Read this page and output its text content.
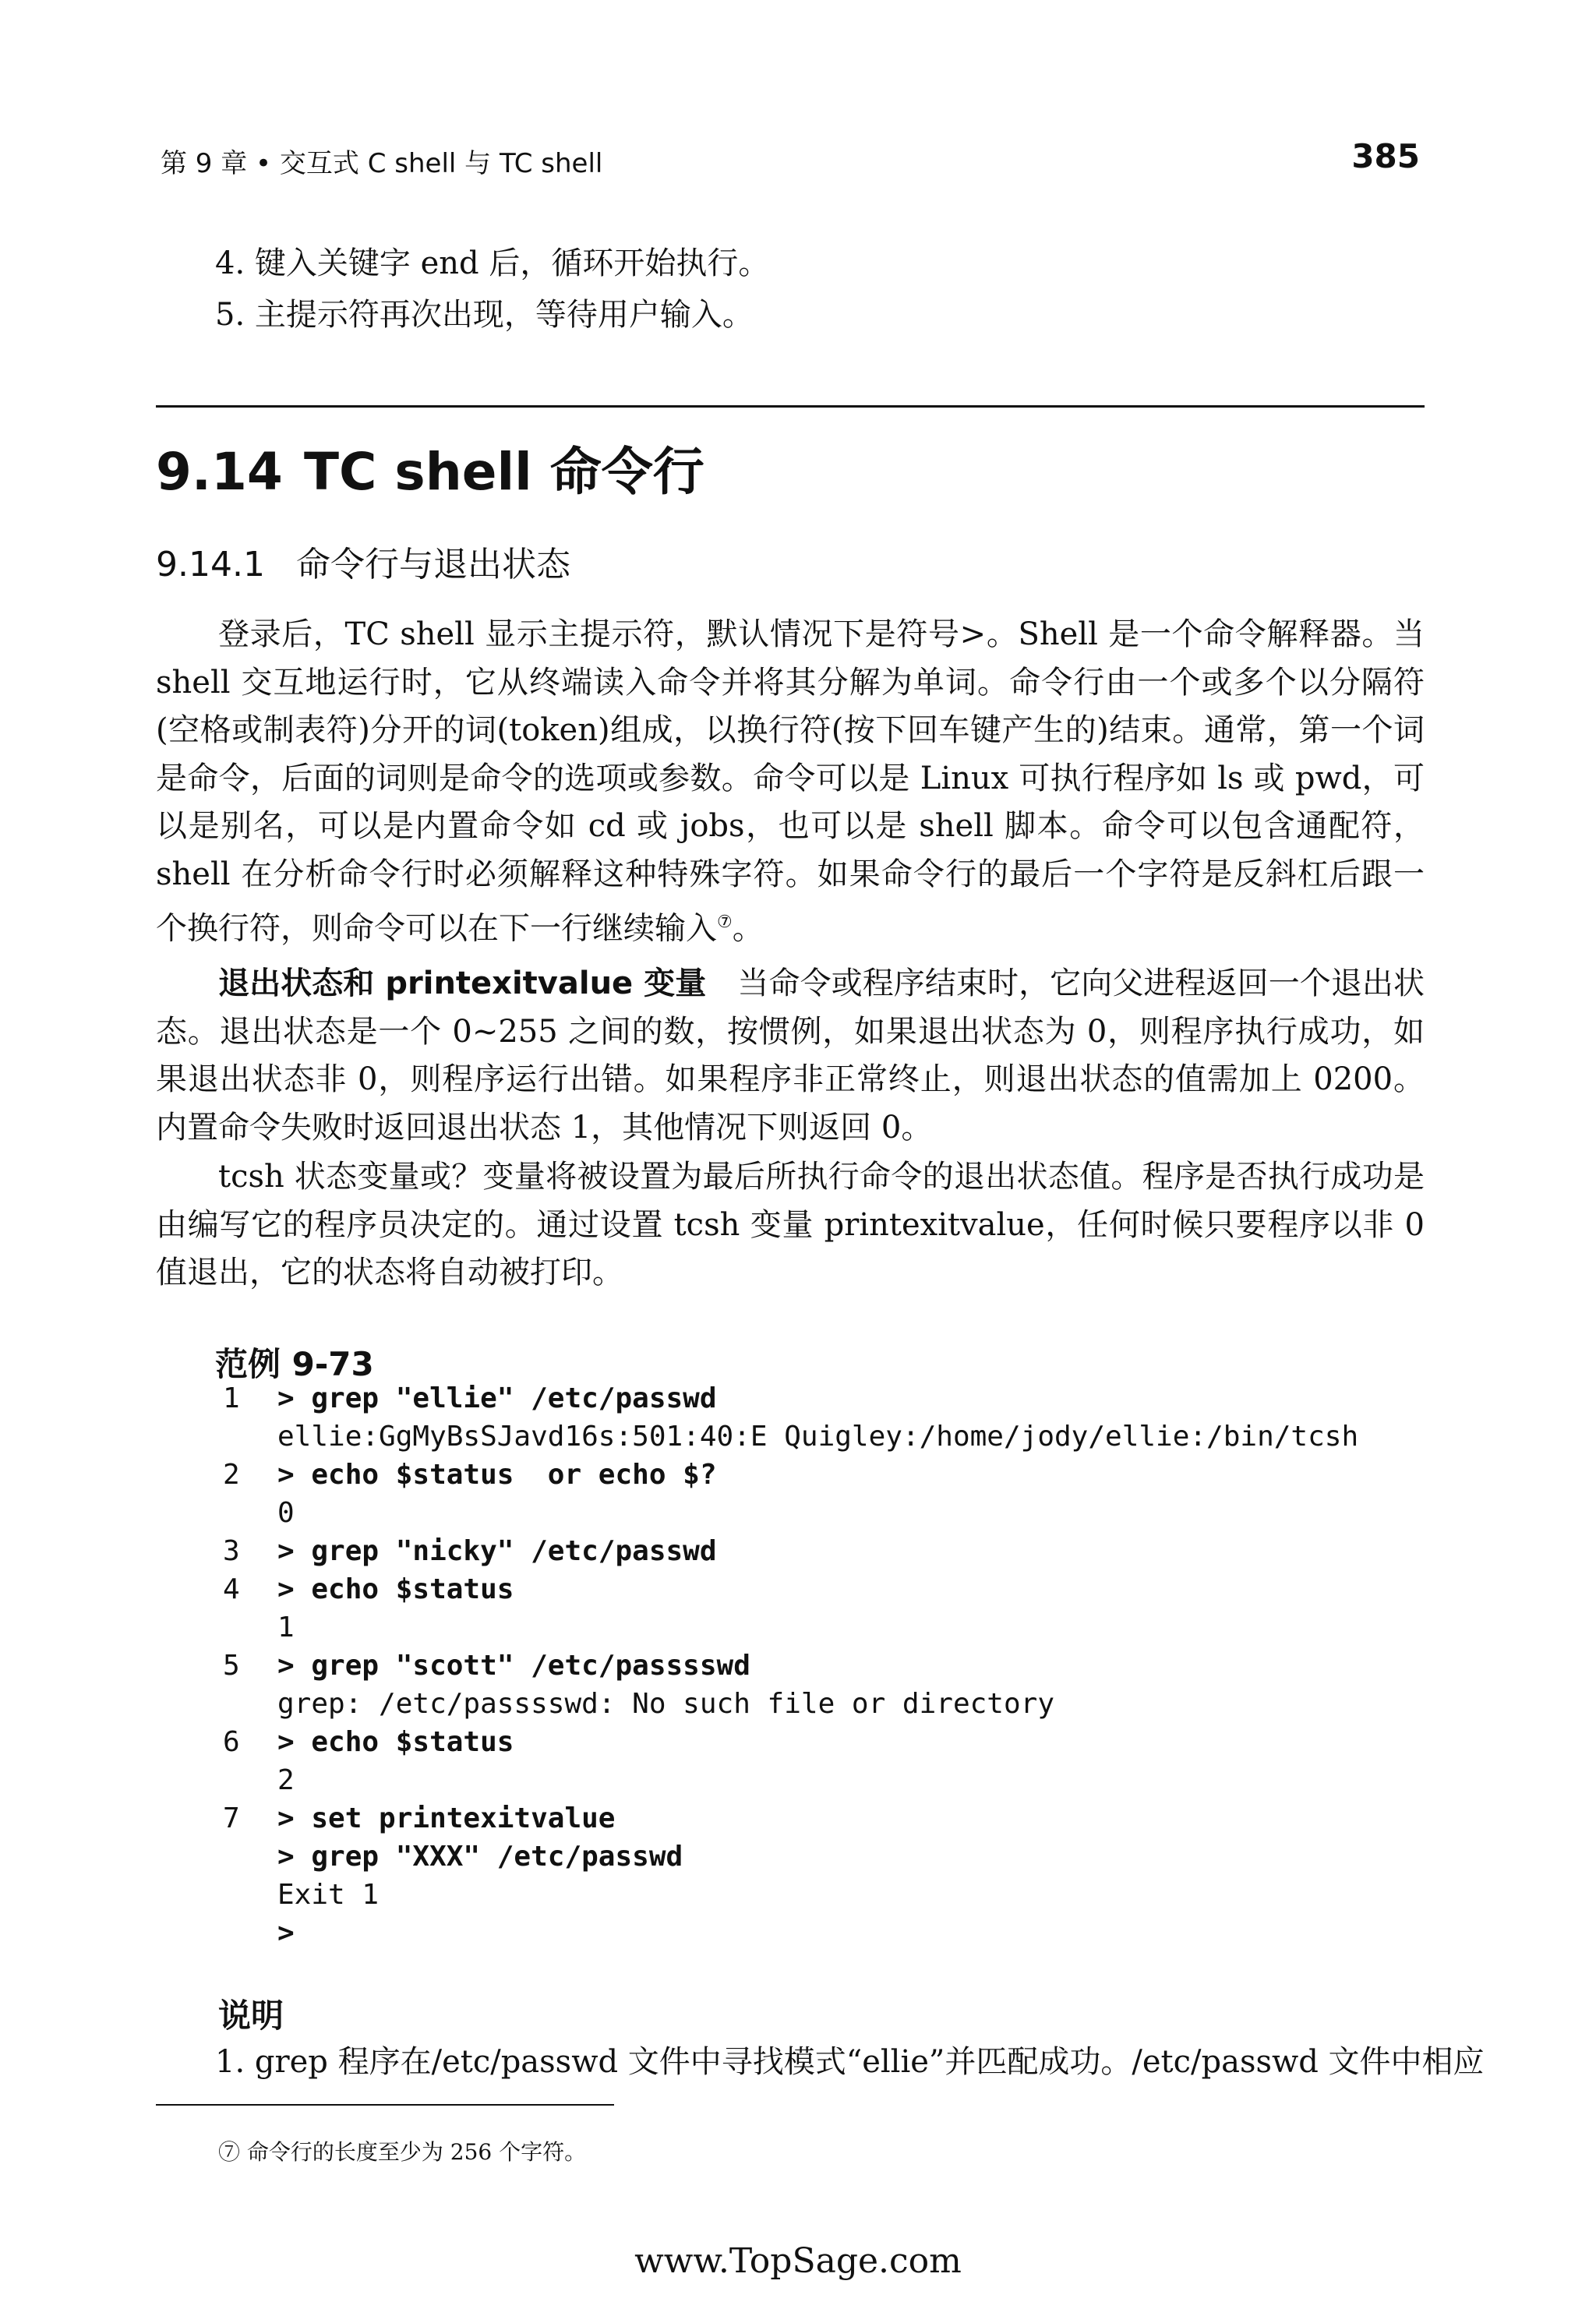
第 9 章 • 交互式 C shell 与 TC shell	385
4. 键入关键字 end 后，循环开始执行。
5. 主提示符再次出现，等待用户输入。
9.14 TC shell 命令行
9.14.1 命令行与退出状态
登录后，TC shell 显示主提示符，默认情况下是符号>。Shell 是一个命令解释器。当 shell 交互地运行时，它从终端读入命令并将其分解为单词。命令行由一个或多个以分隔符(空格或制表符)分开的词(token)组成，以换行符(按下回车键产生的)结束。通常，第一个词是命令，后面的词则是命令的选项或参数。命令可以是 Linux 可执行程序如 ls 或 pwd，可以是别名，可以是内置命令如 cd 或 jobs，也可以是 shell 脚本。命令可以包含通配符，shell 在分析命令行时必须解释这种特殊字符。如果命令行的最后一个字符是反斜杠后跟一个换行符，则命令可以在下一行继续输入⑦。
退出状态和 printexitvalue 变量　当命令或程序结束时，它向父进程返回一个退出状态。退出状态是一个 0~255 之间的数，按惯例，如果退出状态为 0，则程序执行成功，如果退出状态非 0，则程序运行出错。如果程序非正常终止，则退出状态的值需加上 0200。内置命令失败时返回退出状态 1，其他情况下则返回 0。
tcsh 状态变量或？变量将被设置为最后所执行命令的退出状态值。程序是否执行成功是由编写它的程序员决定的。通过设置 tcsh 变量 printexitvalue，任何时候只要程序以非 0 值退出，它的状态将自动被打印。
范例 9-73
1	> grep "ellie" /etc/passwd
ellie:GgMyBsSJavd16s:501:40:E Quigley:/home/jody/ellie:/bin/tcsh
2	> echo $status  or echo $?
0
3	> grep "nicky" /etc/passwd
4	> echo $status
1
5	> grep "scott" /etc/passsswd
grep: /etc/passsswd: No such file or directory
6	> echo $status
2
7	> set printexitvalue
> grep "XXX" /etc/passwd
Exit 1
>
说明
1. grep 程序在/etc/passwd 文件中寻找模式“ellie”并匹配成功。/etc/passwd 文件中相应
⑦ 命令行的长度至少为 256 个字符。
www.TopSage.com
